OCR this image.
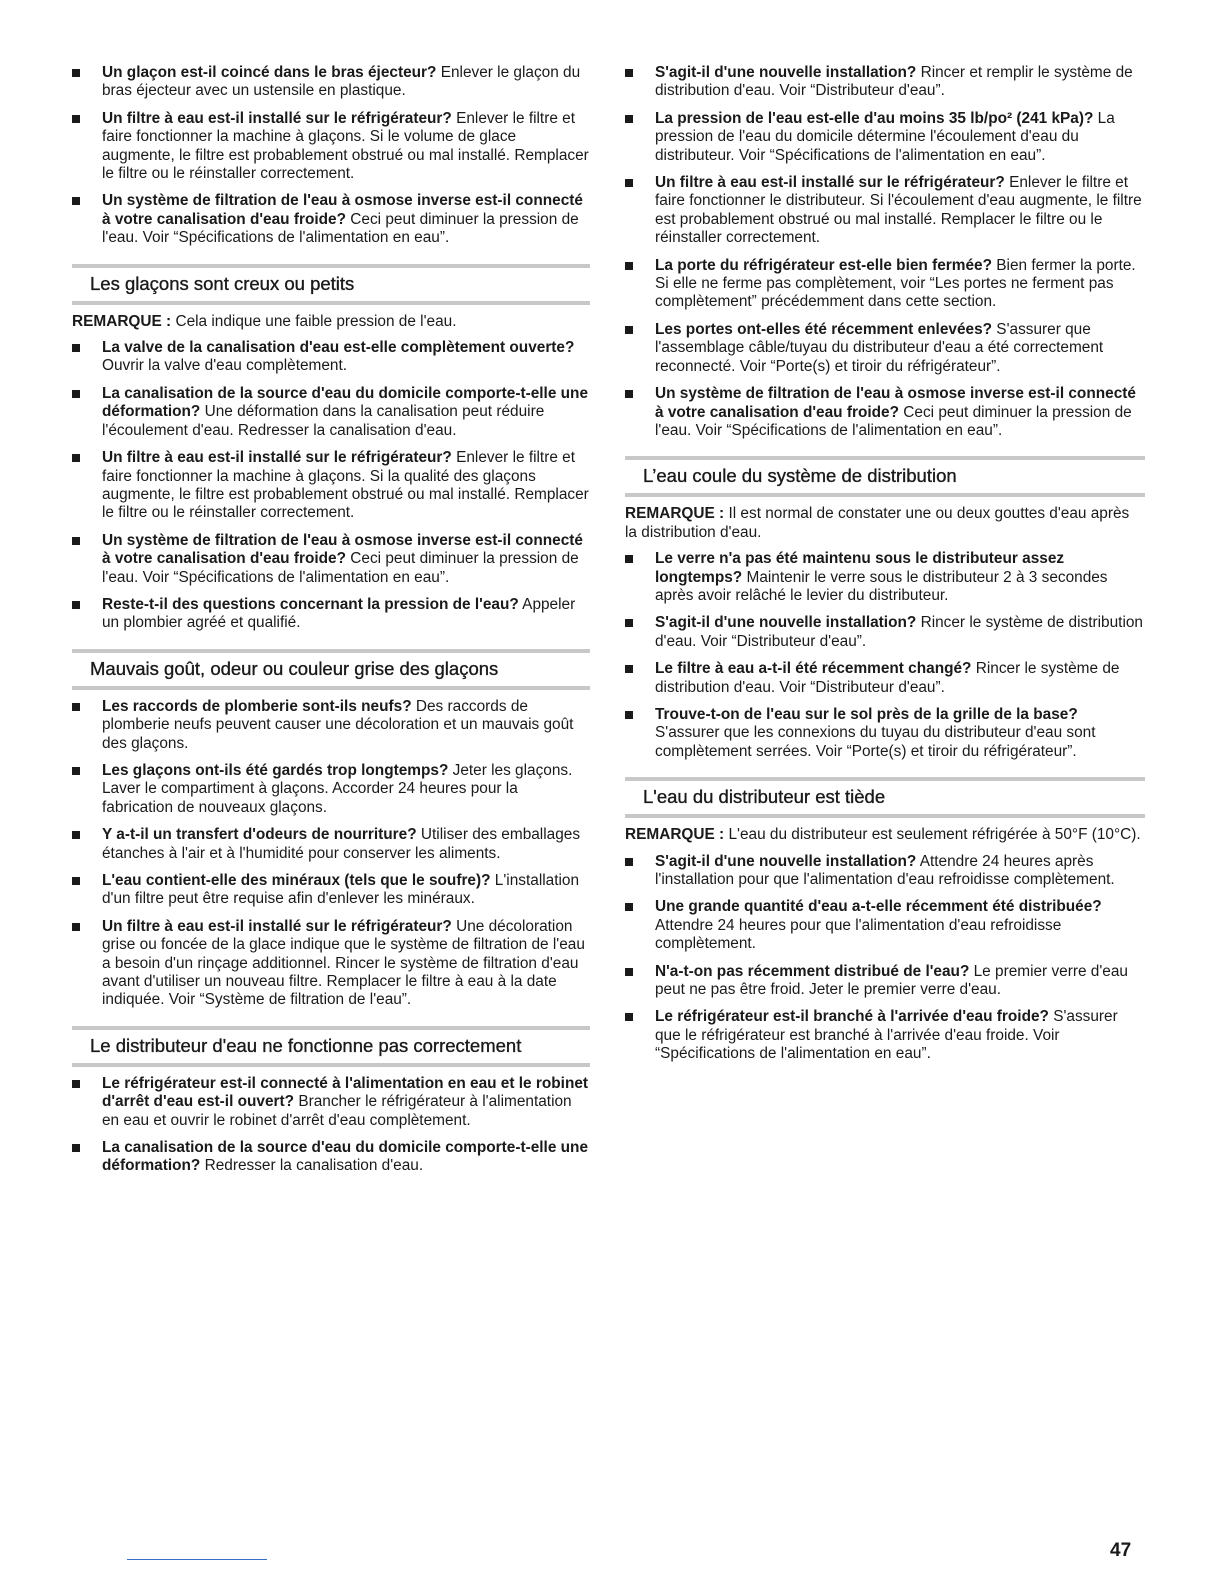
Un glaçon est-il coincé dans le bras éjecteur? Enlever le glaçon du bras éjecteur avec un ustensile en plastique.
Un filtre à eau est-il installé sur le réfrigérateur? Enlever le filtre et faire fonctionner la machine à glaçons. Si le volume de glace augmente, le filtre est probablement obstrué ou mal installé. Remplacer le filtre ou le réinstaller correctement.
Un système de filtration de l'eau à osmose inverse est-il connecté à votre canalisation d'eau froide? Ceci peut diminuer la pression de l'eau. Voir “Spécifications de l'alimentation en eau”.
Les glaçons sont creux ou petits

REMARQUE : Cela indique une faible pression de l'eau.

La valve de la canalisation d'eau est-elle complètement ouverte? Ouvrir la valve d'eau complètement.
La canalisation de la source d'eau du domicile comporte-t-elle une déformation? Une déformation dans la canalisation peut réduire l'écoulement d'eau. Redresser la canalisation d'eau.
Un filtre à eau est-il installé sur le réfrigérateur? Enlever le filtre et faire fonctionner la machine à glaçons. Si la qualité des glaçons augmente, le filtre est probablement obstrué ou mal installé. Remplacer le filtre ou le réinstaller correctement.
Un système de filtration de l'eau à osmose inverse est-il connecté à votre canalisation d'eau froide? Ceci peut diminuer la pression de l'eau. Voir “Spécifications de l'alimentation en eau”.
Reste-t-il des questions concernant la pression de l'eau? Appeler un plombier agréé et qualifié.
Mauvais goût, odeur ou couleur grise des glaçons
Les raccords de plomberie sont-ils neufs? Des raccords de plomberie neufs peuvent causer une décoloration et un mauvais goût des glaçons.
Les glaçons ont-ils été gardés trop longtemps? Jeter les glaçons. Laver le compartiment à glaçons. Accorder 24 heures pour la fabrication de nouveaux glaçons.
Y a-t-il un transfert d'odeurs de nourriture? Utiliser des emballages étanches à l'air et à l'humidité pour conserver les aliments.
L'eau contient-elle des minéraux (tels que le soufre)? L'installation d'un filtre peut être requise afin d'enlever les minéraux.
Un filtre à eau est-il installé sur le réfrigérateur? Une décoloration grise ou foncée de la glace indique que le système de filtration de l'eau a besoin d'un rinçage additionnel. Rincer le système de filtration d'eau avant d'utiliser un nouveau filtre. Remplacer le filtre à eau à la date indiquée. Voir “Système de filtration de l'eau”.
Le distributeur d'eau ne fonctionne pas correctement
Le réfrigérateur est-il connecté à l'alimentation en eau et le robinet d'arrêt d'eau est-il ouvert? Brancher le réfrigérateur à l'alimentation en eau et ouvrir le robinet d'arrêt d'eau complètement.
La canalisation de la source d'eau du domicile comporte-t-elle une déformation? Redresser la canalisation d'eau.
S'agit-il d'une nouvelle installation? Rincer et remplir le système de distribution d'eau. Voir “Distributeur d'eau”.
La pression de l'eau est-elle d'au moins 35 lb/po² (241 kPa)? La pression de l'eau du domicile détermine l'écoulement d'eau du distributeur. Voir “Spécifications de l'alimentation en eau”.
Un filtre à eau est-il installé sur le réfrigérateur? Enlever le filtre et faire fonctionner le distributeur. Si l'écoulement d'eau augmente, le filtre est probablement obstrué ou mal installé. Remplacer le filtre ou le réinstaller correctement.
La porte du réfrigérateur est-elle bien fermée? Bien fermer la porte. Si elle ne ferme pas complètement, voir “Les portes ne ferment pas complètement” précédemment dans cette section.
Les portes ont-elles été récemment enlevées? S'assurer que l'assemblage câble/tuyau du distributeur d'eau a été correctement reconnecté. Voir “Porte(s) et tiroir du réfrigérateur”.
Un système de filtration de l'eau à osmose inverse est-il connecté à votre canalisation d'eau froide? Ceci peut diminuer la pression de l'eau. Voir “Spécifications de l'alimentation en eau”.
L’eau coule du système de distribution

REMARQUE : Il est normal de constater une ou deux gouttes d'eau après la distribution d'eau.

Le verre n'a pas été maintenu sous le distributeur assez longtemps? Maintenir le verre sous le distributeur 2 à 3 secondes après avoir relâché le levier du distributeur.
S'agit-il d'une nouvelle installation? Rincer le système de distribution d'eau. Voir “Distributeur d'eau”.
Le filtre à eau a-t-il été récemment changé? Rincer le système de distribution d'eau. Voir “Distributeur d'eau”.
Trouve-t-on de l'eau sur le sol près de la grille de la base? S'assurer que les connexions du tuyau du distributeur d'eau sont complètement serrées. Voir “Porte(s) et tiroir du réfrigérateur”.
L'eau du distributeur est tiède

REMARQUE : L'eau du distributeur est seulement réfrigérée à 50°F (10°C).

S'agit-il d'une nouvelle installation? Attendre 24 heures après l'installation pour que l'alimentation d'eau refroidisse complètement.
Une grande quantité d'eau a-t-elle récemment été distribuée? Attendre 24 heures pour que l'alimentation d'eau refroidisse complètement.
N'a-t-on pas récemment distribué de l'eau? Le premier verre d'eau peut ne pas être froid. Jeter le premier verre d'eau.
Le réfrigérateur est-il branché à l'arrivée d'eau froide? S'assurer que le réfrigérateur est branché à l'arrivée d'eau froide. Voir “Spécifications de l'alimentation en eau”.
47
